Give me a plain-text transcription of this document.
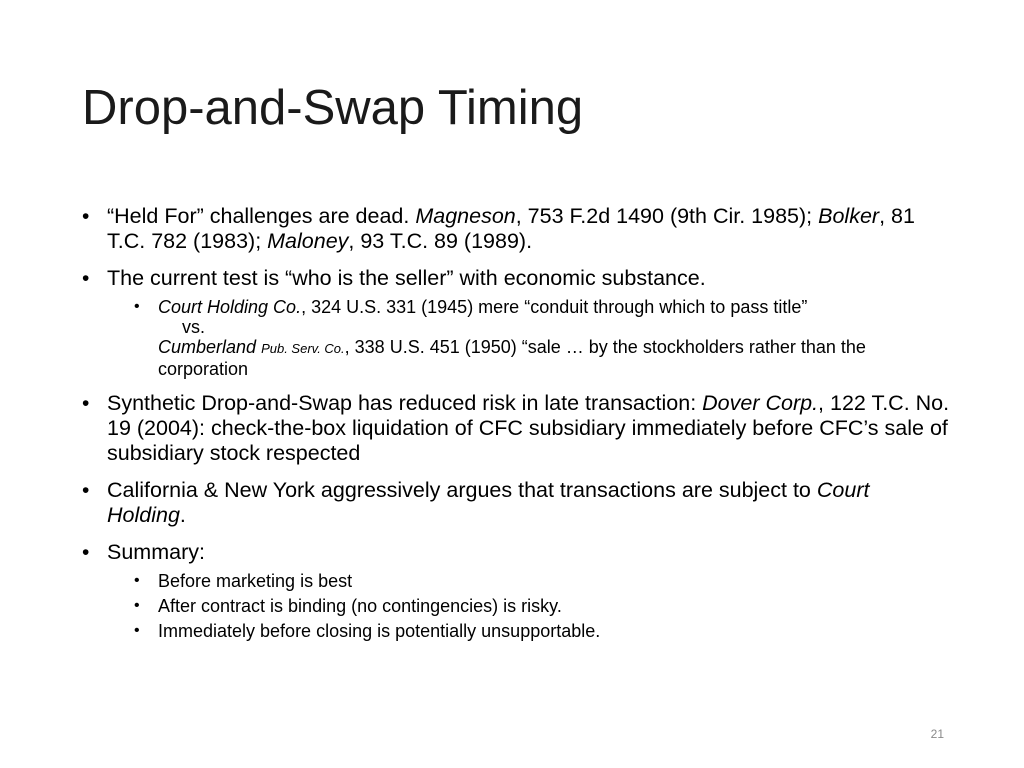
Drop-and-Swap Timing
• “Held For” challenges are dead. Magneson, 753 F.2d 1490 (9th Cir. 1985); Bolker, 81 T.C. 782 (1983); Maloney, 93 T.C. 89 (1989).
• The current test is “who is the seller” with economic substance.
• Court Holding Co., 324 U.S. 331 (1945) mere “conduit through which to pass title”
vs.
Cumberland Pub. Serv. Co., 338 U.S. 451 (1950) “sale … by the stockholders rather than the corporation
• Synthetic Drop-and-Swap has reduced risk in late transaction: Dover Corp., 122 T.C. No. 19 (2004): check-the-box liquidation of CFC subsidiary immediately before CFC’s sale of subsidiary stock respected
• California & New York aggressively argues that transactions are subject to Court Holding.
• Summary:
• Before marketing is best
• After contract is binding (no contingencies) is risky.
• Immediately before closing is potentially unsupportable.
21
